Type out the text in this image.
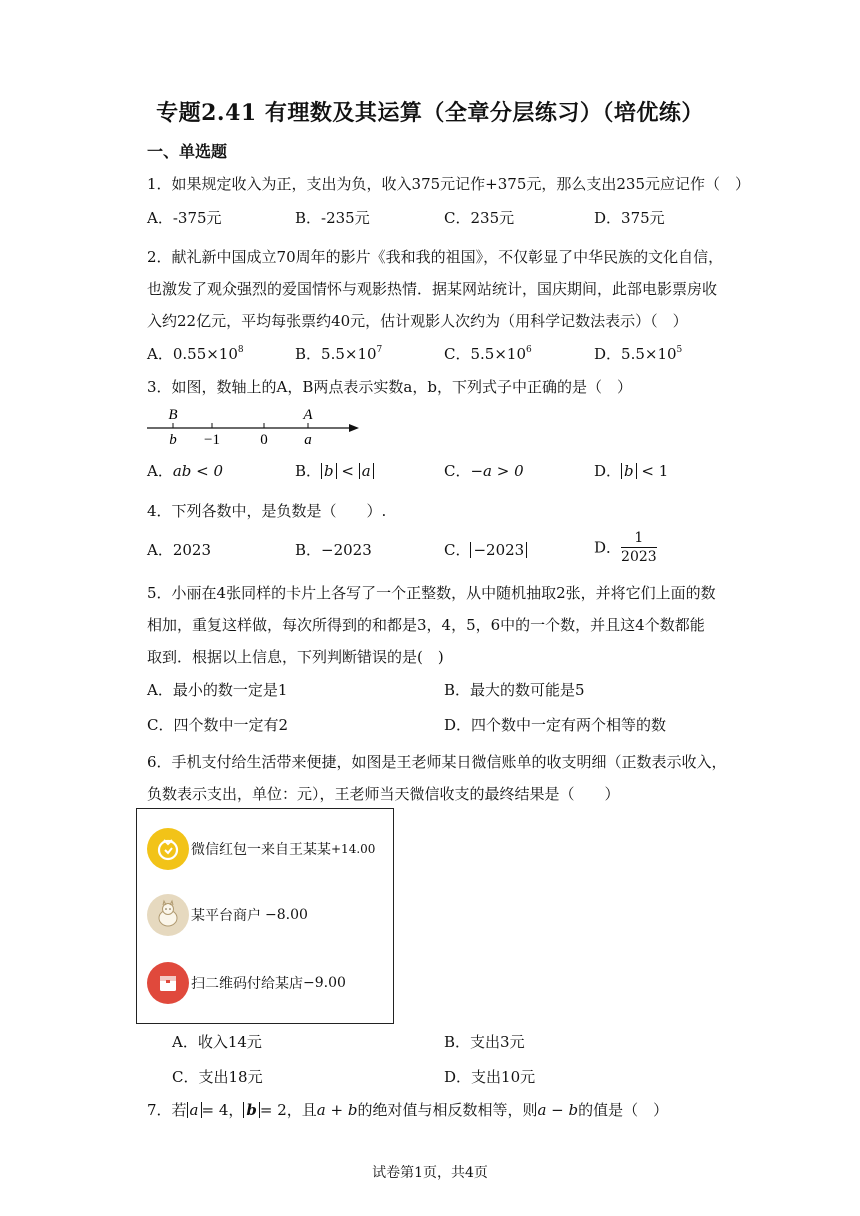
专题2.41 有理数及其运算（全章分层练习）（培优练）
一、单选题
1．如果规定收入为正，支出为负，收入375元记作+375元，那么支出235元应记作（　）
A．-375元	B．-235元	C．235元	D．375元
2．献礼新中国成立70周年的影片《我和我的祖国》，不仅彰显了中华民族的文化自信，
也激发了观众强烈的爱国情怀与观影热情．据某网站统计，国庆期间，此部电影票房收
入约22亿元，平均每张票约40元，估计观影人次约为（用科学记数法表示）（　）
A．$0.55\times 10^8$	B．$5.5\times 10^7$	C．$5.5\times 10^6$	D．$5.5\times 10^5$
3．如图，数轴上的A，B两点表示实数a，b，下列式子中正确的是（　）
B
b −1	0
A
a
A．ab < 0	B． b < a	C．−a > 0	D． b < 1
4．下列各数中，是负数是（　　）.
A．2023	B．−2023	C． −2023	D． $\frac{1}{2023}$
5．小丽在4张同样的卡片上各写了一个正整数，从中随机抽取2张，并将它们上面的数
相加，重复这样做，每次所得到的和都是3，4，5，6中的一个数，并且这4个数都能
取到．根据以上信息，下列判断错误的是(　)
A．最小的数一定是1	B．最大的数可能是5
C．四个数中一定有2	D．四个数中一定有两个相等的数
6．手机支付给生活带来便捷，如图是王老师某日微信账单的收支明细（正数表示收入，
负数表示支出，单位：元），王老师当天微信收支的最终结果是（　　）
微信红包一来自王某某 +14.00
某平台商户 −8.00
扫二维码付给某店 −9.00
A．收入14元	B．支出3元
C．支出18元	D．支出10元
7．若 a = 4， b = 2，且a + b的绝对值与相反数相等，则a − b的值是（　）
试卷第1页，共4页
